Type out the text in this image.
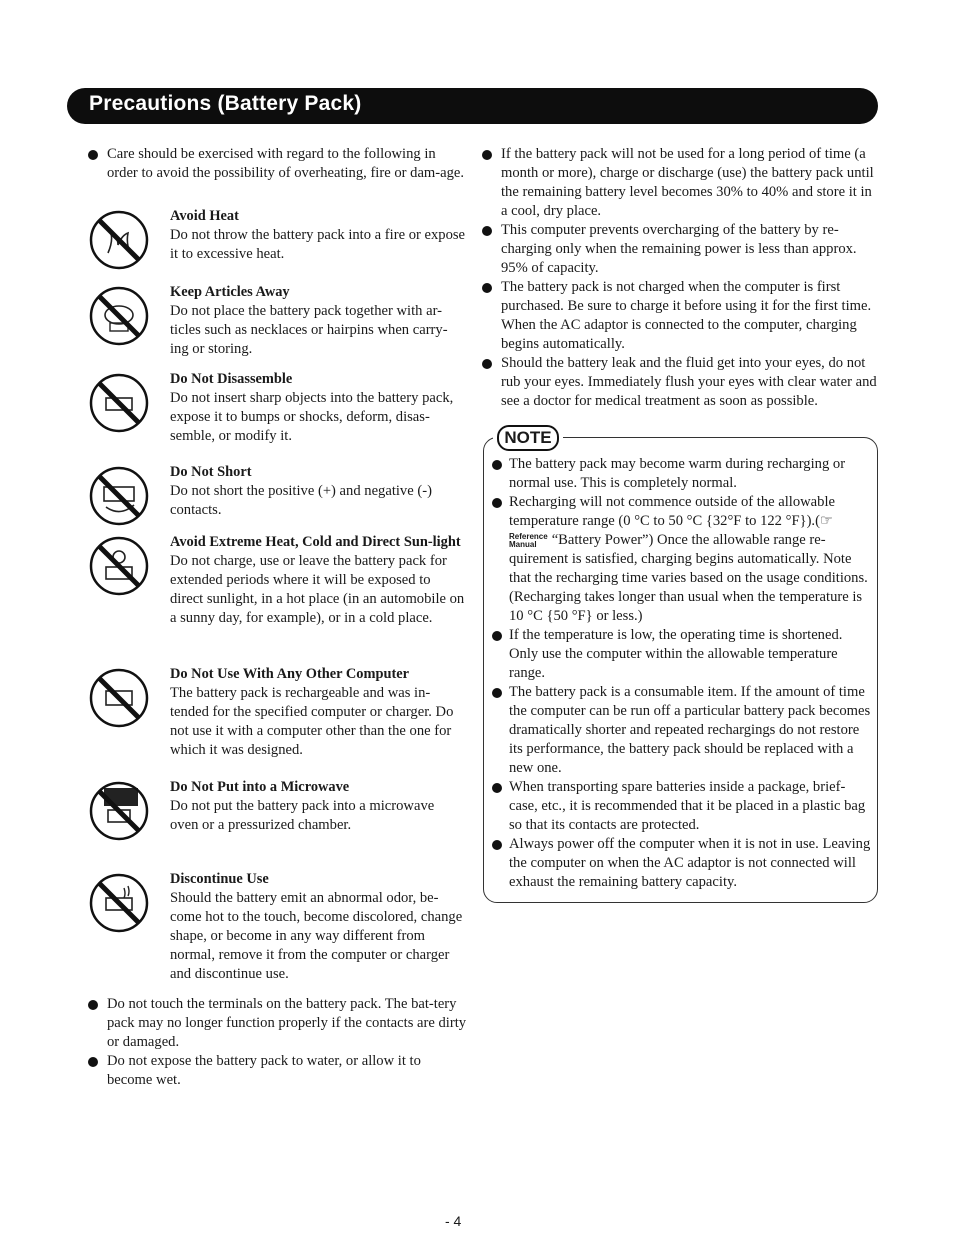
Precautions (Battery Pack)

Care should be exercised with regard to the following in order to avoid the possibility of overheating, fire or dam-age.

Avoid Heat

Do not throw the battery pack into a fire or expose it to excessive heat.

Keep Articles Away

Do not place the battery pack together with ar-ticles such as necklaces or hairpins when carry-ing or storing.

Do Not Disassemble

Do not insert sharp objects into the battery pack, expose it to bumps or shocks, deform, disas-semble, or modify it.

Do Not Short

Do not short the positive (+) and negative (-) contacts.

Avoid Extreme Heat, Cold and Direct Sun-light

Do not charge, use or leave the battery pack for extended periods where it will be exposed to direct sunlight, in a hot place (in an automobile on a sunny day, for example), or in a cold place.

Do Not Use With Any Other Computer

The battery pack is rechargeable and was in-tended for the specified computer or charger. Do not use it with a computer other than the one for which it was designed.

Do Not Put into a Microwave

Do not put the battery pack into a microwave oven or a pressurized chamber.

Discontinue Use

Should the battery emit an abnormal odor, be-come hot to the touch, become discolored, change shape, or become in any way different from normal, remove it from the computer or charger and discontinue use.

Do not touch the terminals on the battery pack. The bat-tery pack may no longer function properly if the contacts are dirty or damaged.

Do not expose the battery pack to water, or allow it to become wet.

If the battery pack will not be used for a long period of time (a month or more), charge or discharge (use) the battery pack until the remaining battery level becomes 30% to 40% and store it in a cool, dry place.

This computer prevents overcharging of the battery by re-charging only when the remaining power is less than approx. 95% of capacity.

The battery pack is not charged when the computer is first purchased. Be sure to charge it before using it for the first time. When the AC adaptor is connected to the computer, charging begins automatically.

Should the battery leak and the fluid get into your eyes, do not rub your eyes. Immediately flush your eyes with clear water and see a doctor for medical treatment as soon as possible.

NOTE

The battery pack may become warm during recharging or normal use. This is completely normal.

Recharging will not commence outside of the allowable temperature range (0 °C to 50 °C {32°F to 122 °F}).(☞
Reference
Manual “Battery Power”) Once the allowable range re-quirement is satisfied, charging begins automatically. Note that the recharging time varies based on the usage conditions. (Recharging takes longer than usual when the temperature is 10 °C {50 °F} or less.)

If the temperature is low, the operating time is shortened. Only use the computer within the allowable temperature range.

The battery pack is a consumable item. If the amount of time the computer can be run off a particular battery pack becomes dramatically shorter and repeated rechargings do not restore its performance, the battery pack should be replaced with a new one.

When transporting spare batteries inside a package, brief-case, etc., it is recommended that it be placed in a plastic bag so that its contacts are protected.

Always power off the computer when it is not in use. Leaving the computer on when the AC adaptor is not connected will exhaust the remaining battery capacity.

- 4
